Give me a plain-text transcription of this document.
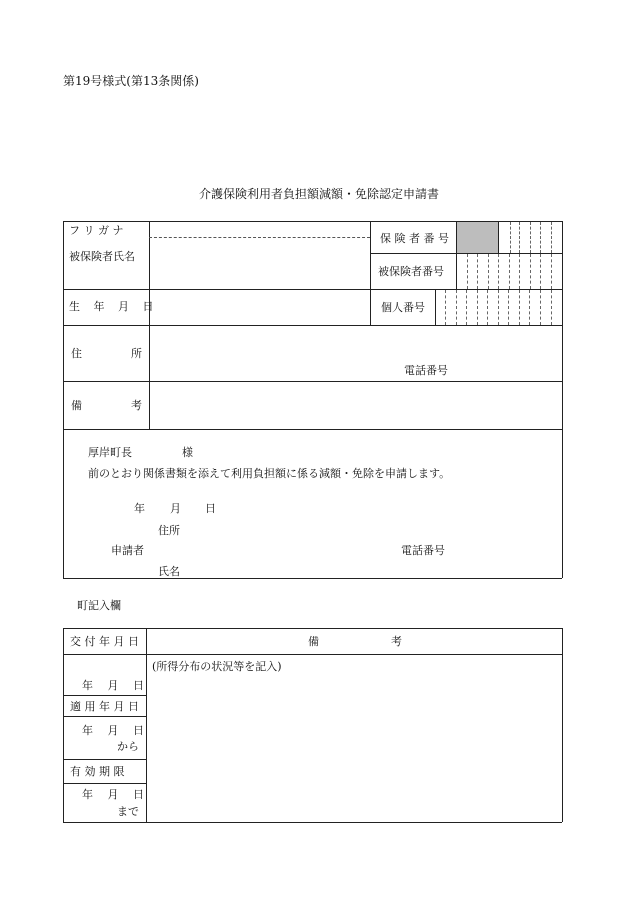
第19号様式(第13条関係)
介護保険利用者負担額減額・免除認定申請書
フ リ ガ ナ
被保険者氏名
保 険 者 番 号
被保険者番号
生 年 月 日	個人番号
住	所
電話番号
備	考
厚岸町長	様
前のとおり関係書類を添えて利用負担額に係る減額・免除を申請します。
年 月 日
住所
申請者	電話番号
氏名
町記入欄
交 付 年 月 日	備	考
(所得分布の状況等を記入)
年　 月　 日
適 用 年 月 日
年　 月　 日
から
有 効 期 限
年　 月　 日
まで
